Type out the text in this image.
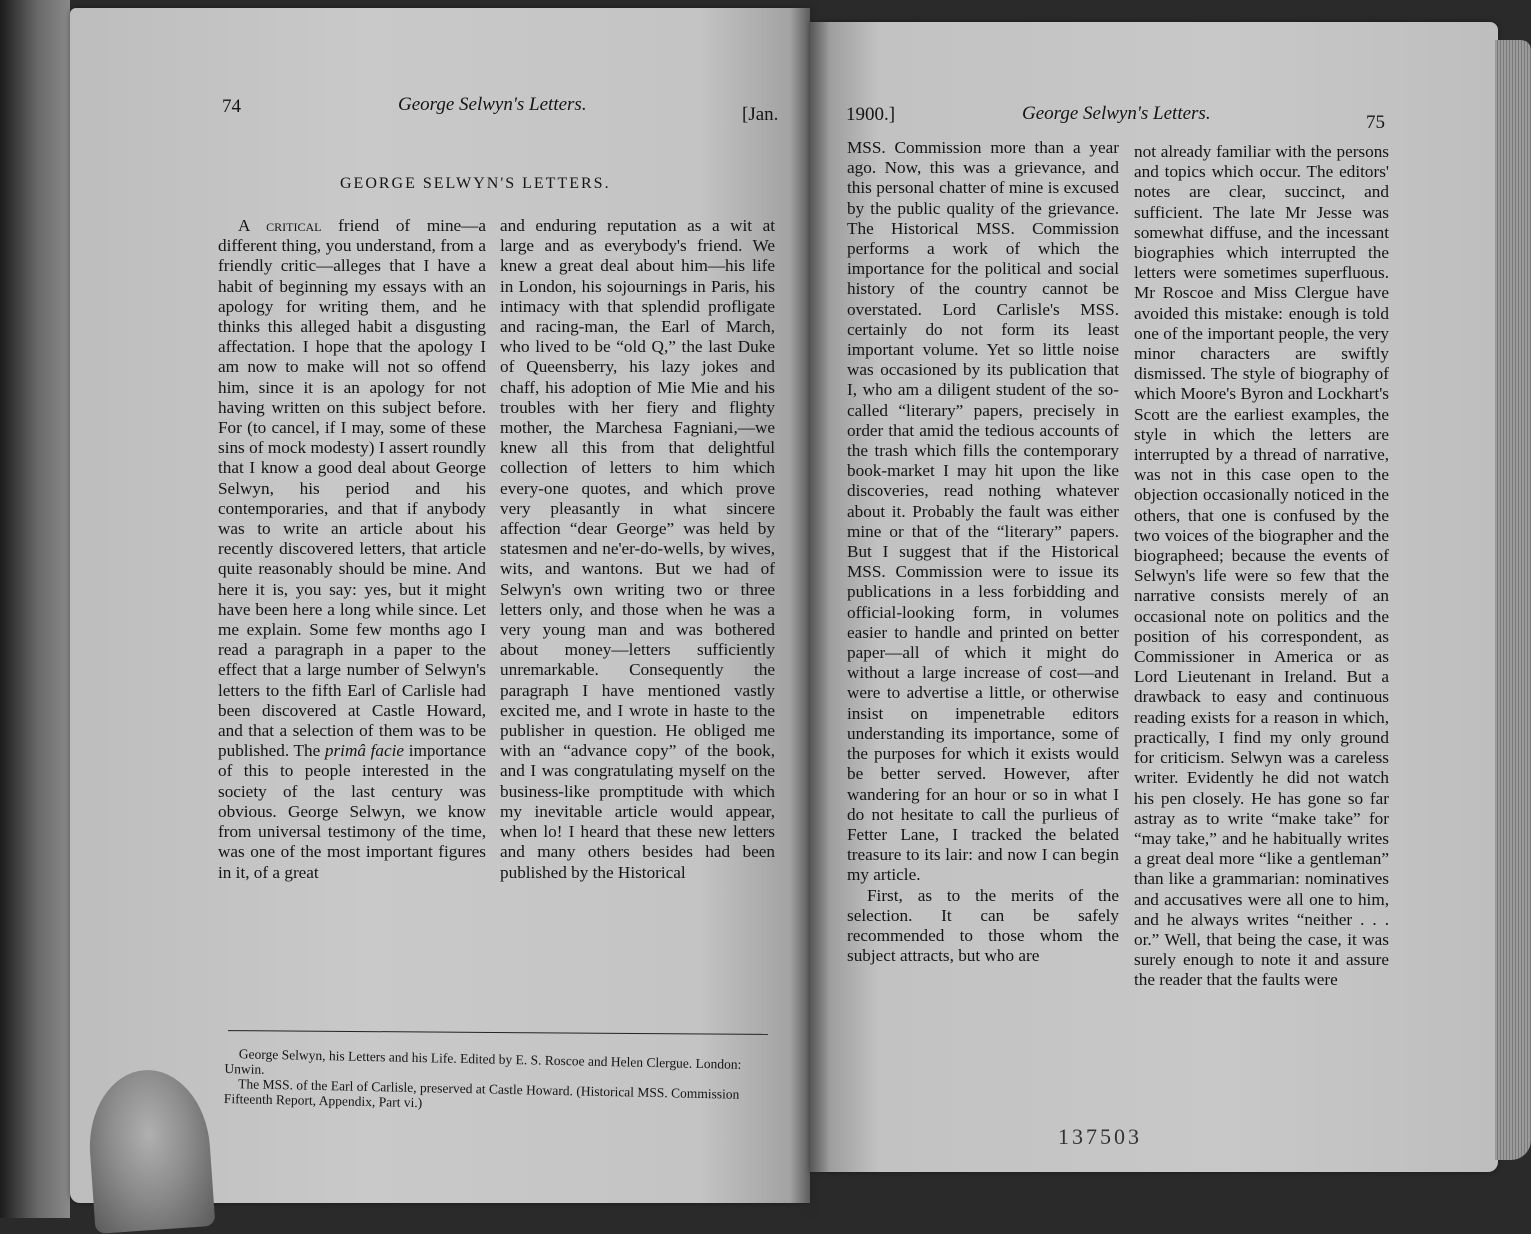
74	George Selwyn's Letters.	[Jan.
GEORGE SELWYN'S LETTERS.

A critical friend of mine—a different thing, you understand, from a friendly critic—alleges that I have a habit of beginning my essays with an apology for writing them, and he thinks this alleged habit a disgusting affectation. I hope that the apology I am now to make will not so offend him, since it is an apology for not having written on this subject before. For (to cancel, if I may, some of these sins of mock modesty) I assert roundly that I know a good deal about George Selwyn, his period and his contemporaries, and that if anybody was to write an article about his recently discovered letters, that article quite reasonably should be mine. And here it is, you say: yes, but it might have been here a long while since. Let me explain. Some few months ago I read a paragraph in a paper to the effect that a large number of Selwyn's letters to the fifth Earl of Carlisle had been discovered at Castle Howard, and that a selection of them was to be published. The primâ facie importance of this to people interested in the society of the last century was obvious. George Selwyn, we know from universal testimony of the time, was one of the most important figures in it, of a great

and enduring reputation as a wit at large and as everybody's friend. We knew a great deal about him—his life in London, his sojournings in Paris, his intimacy with that splendid profligate and racing-man, the Earl of March, who lived to be “old Q,” the last Duke of Queensberry, his lazy jokes and chaff, his adoption of Mie Mie and his troubles with her fiery and flighty mother, the Marchesa Fagniani,—we knew all this from that delightful collection of letters to him which every-one quotes, and which prove very pleasantly in what sincere affection “dear George” was held by statesmen and ne'er-do-wells, by wives, wits, and wantons. But we had of Selwyn's own writing two or three letters only, and those when he was a very young man and was bothered about money—letters sufficiently unremarkable. Consequently the paragraph I have mentioned vastly excited me, and I wrote in haste to the publisher in question. He obliged me with an “advance copy” of the book, and I was congratulating myself on the business-like promptitude with which my inevitable article would appear, when lo! I heard that these new letters and many others besides had been published by the Historical

George Selwyn, his Letters and his Life. Edited by E. S. Roscoe and Helen Clergue. London: Unwin.

The MSS. of the Earl of Carlisle, preserved at Castle Howard. (Historical MSS. Commission Fifteenth Report, Appendix, Part vi.)

1900.]	George Selwyn's Letters.	75

MSS. Commission more than a year ago. Now, this was a grievance, and this personal chatter of mine is excused by the public quality of the grievance. The Historical MSS. Commission performs a work of which the importance for the political and social history of the country cannot be overstated. Lord Carlisle's MSS. certainly do not form its least important volume. Yet so little noise was occasioned by its publication that I, who am a diligent student of the so-called “literary” papers, precisely in order that amid the tedious accounts of the trash which fills the contemporary book-market I may hit upon the like discoveries, read nothing whatever about it. Probably the fault was either mine or that of the “literary” papers. But I suggest that if the Historical MSS. Commission were to issue its publications in a less forbidding and official-looking form, in volumes easier to handle and printed on better paper—all of which it might do without a large increase of cost—and were to advertise a little, or otherwise insist on impenetrable editors understanding its importance, some of the purposes for which it exists would be better served. However, after wandering for an hour or so in what I do not hesitate to call the purlieus of Fetter Lane, I tracked the belated treasure to its lair: and now I can begin my article.

First, as to the merits of the selection. It can be safely recommended to those whom the subject attracts, but who are

not already familiar with the persons and topics which occur. The editors' notes are clear, succinct, and sufficient. The late Mr Jesse was somewhat diffuse, and the incessant biographies which interrupted the letters were sometimes superfluous. Mr Roscoe and Miss Clergue have avoided this mistake: enough is told one of the important people, the very minor characters are swiftly dismissed. The style of biography of which Moore's Byron and Lockhart's Scott are the earliest examples, the style in which the letters are interrupted by a thread of narrative, was not in this case open to the objection occasionally noticed in the others, that one is confused by the two voices of the biographer and the biographeed; because the events of Selwyn's life were so few that the narrative consists merely of an occasional note on politics and the position of his correspondent, as Commissioner in America or as Lord Lieutenant in Ireland. But a drawback to easy and continuous reading exists for a reason in which, practically, I find my only ground for criticism. Selwyn was a careless writer. Evidently he did not watch his pen closely. He has gone so far astray as to write “make take” for “may take,” and he habitually writes a great deal more “like a gentleman” than like a grammarian: nominatives and accusatives were all one to him, and he always writes “neither . . . or.” Well, that being the case, it was surely enough to note it and assure the reader that the faults were

137503
